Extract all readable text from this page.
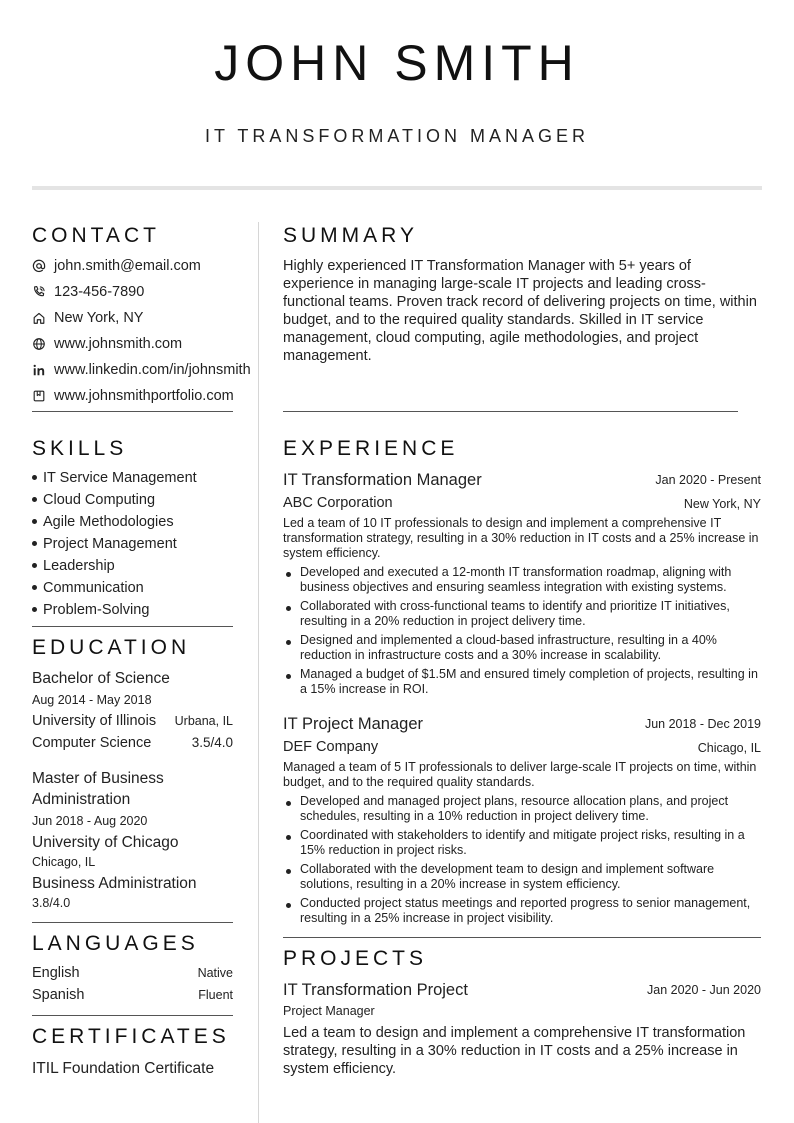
JOHN SMITH
IT TRANSFORMATION MANAGER
CONTACT
john.smith@email.com
123-456-7890
New York, NY
www.johnsmith.com
www.linkedin.com/in/johnsmith
www.johnsmithportfolio.com
SKILLS
IT Service Management
Cloud Computing
Agile Methodologies
Project Management
Leadership
Communication
Problem-Solving
EDUCATION
Bachelor of Science
Aug 2014 - May 2018
University of Illinois Urbana, IL
Computer Science	3.5/4.0
Master of Business Administration
Jun 2018 - Aug 2020
University of Chicago
Chicago, IL
Business Administration
3.8/4.0
LANGUAGES
English	Native
Spanish	Fluent
CERTIFICATES
ITIL Foundation Certificate
SUMMARY
Highly experienced IT Transformation Manager with 5+ years of experience in managing large-scale IT projects and leading cross-functional teams. Proven track record of delivering projects on time, within budget, and to the required quality standards. Skilled in IT service management, cloud computing, agile methodologies, and project management.
EXPERIENCE
IT Transformation Manager	Jan 2020 - Present
ABC Corporation	New York, NY
Led a team of 10 IT professionals to design and implement a comprehensive IT transformation strategy, resulting in a 30% reduction in IT costs and a 25% increase in system efficiency.
Developed and executed a 12-month IT transformation roadmap, aligning with business objectives and ensuring seamless integration with existing systems.
Collaborated with cross-functional teams to identify and prioritize IT initiatives, resulting in a 20% reduction in project delivery time.
Designed and implemented a cloud-based infrastructure, resulting in a 40% reduction in infrastructure costs and a 30% increase in scalability.
Managed a budget of $1.5M and ensured timely completion of projects, resulting in a 15% increase in ROI.
IT Project Manager	Jun 2018 - Dec 2019
DEF Company	Chicago, IL
Managed a team of 5 IT professionals to deliver large-scale IT projects on time, within budget, and to the required quality standards.
Developed and managed project plans, resource allocation plans, and project schedules, resulting in a 10% reduction in project delivery time.
Coordinated with stakeholders to identify and mitigate project risks, resulting in a 15% reduction in project risks.
Collaborated with the development team to design and implement software solutions, resulting in a 20% increase in system efficiency.
Conducted project status meetings and reported progress to senior management, resulting in a 25% increase in project visibility.
PROJECTS
IT Transformation Project	Jan 2020 - Jun 2020
Project Manager
Led a team to design and implement a comprehensive IT transformation strategy, resulting in a 30% reduction in IT costs and a 25% increase in system efficiency.
